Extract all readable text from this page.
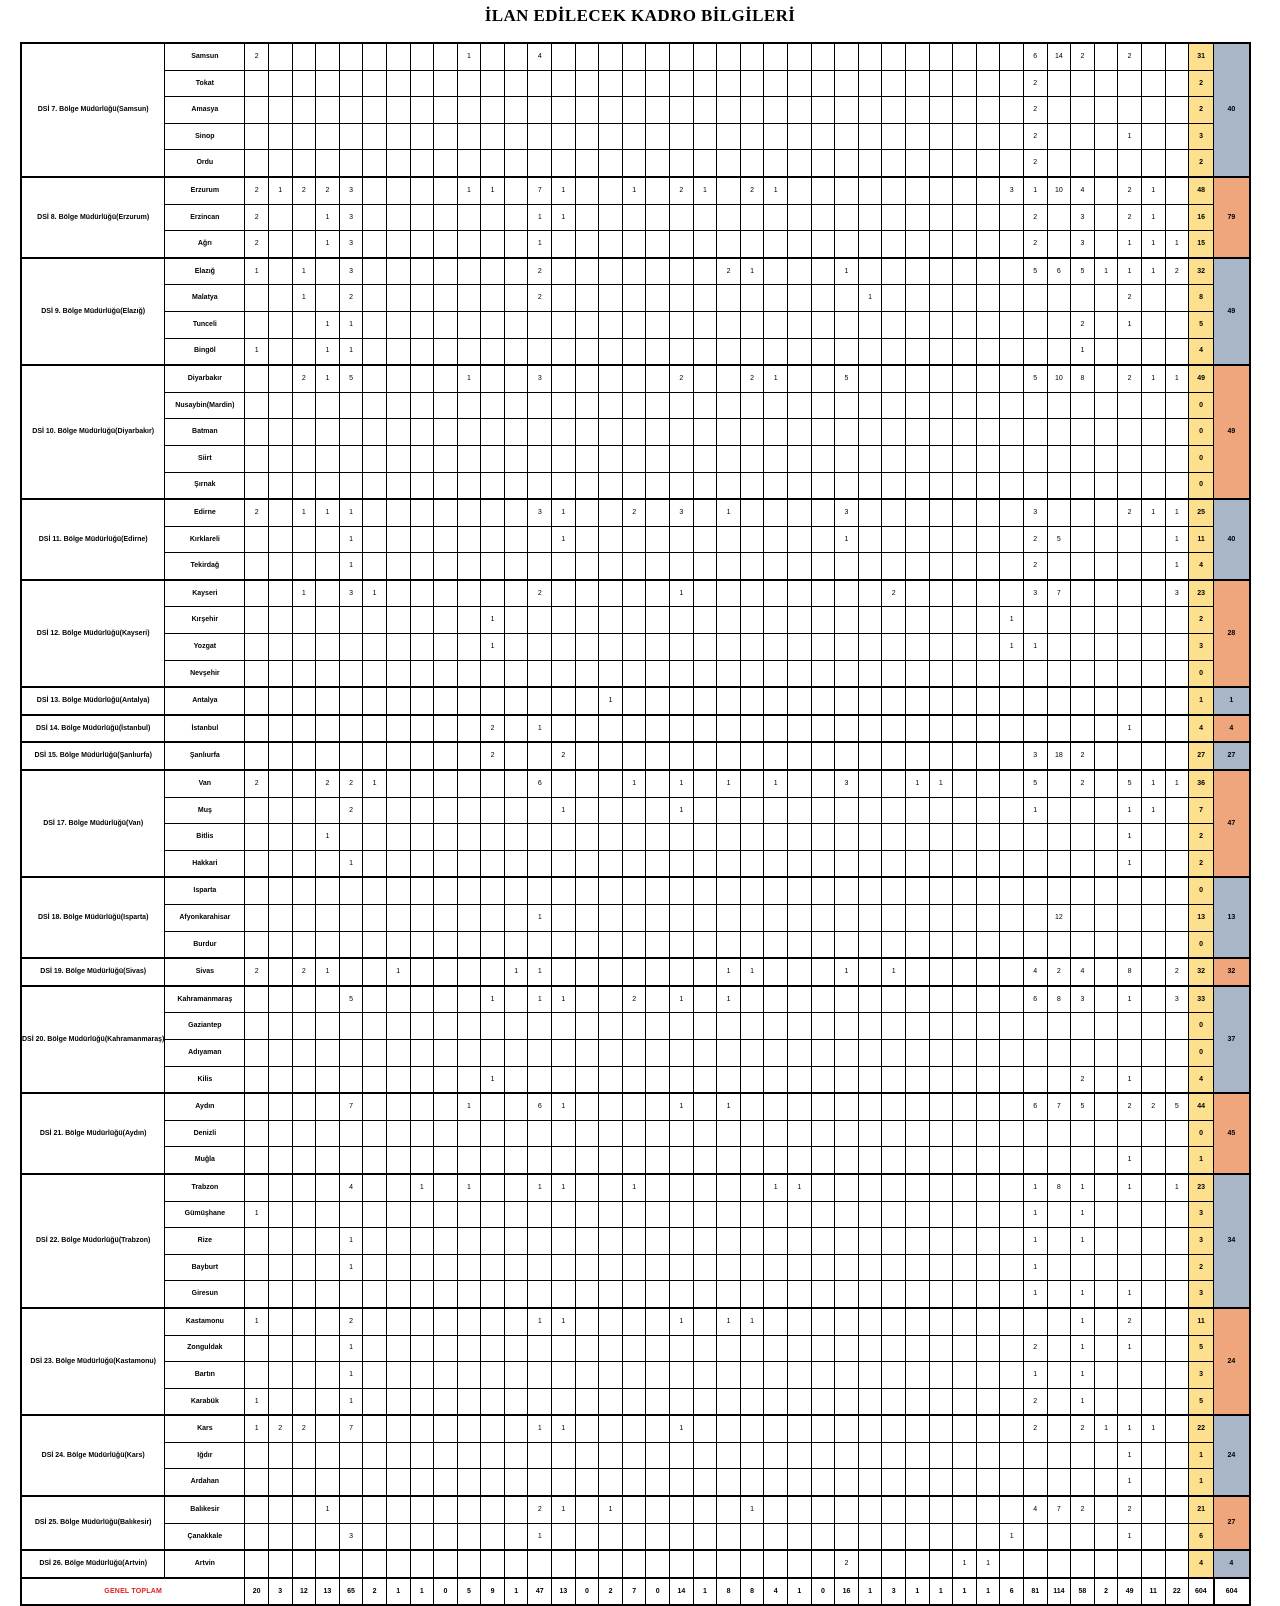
İLAN EDİLECEK KADRO BİLGİLERİ
DSİ 7. Bölge Müdürlüğü(Samsun)	Samsun	2									1			4																					6	14	2		2			31	40
	Tokat																																		2							2	
	Amasya																																		2							2	
	Sinop																																		2				1			3	
	Ordu																																		2							2	
DSİ 8. Bölge Müdürlüğü(Erzurum)	Erzurum	2	1	2	2	3					1	1		7	1			1		2	1		2	1										3	1	10	4		2	1		48	79
	Erzincan	2			1	3								1	1																				2		3		2	1		16	
	Ağrı	2			1	3								1																					2		3		1	1	1	15	
DSİ 9. Bölge Müdürlüğü(Elazığ)	Elazığ	1		1		3								2								2	1				1								5	6	5	1	1	1	2	32	49
	Malatya			1		2								2														1											2			8	
	Tunceli				1	1																															2		1			5	
	Bingöl	1			1	1																															1					4	
DSİ 10. Bölge Müdürlüğü(Diyarbakır)	Diyarbakır			2	1	5					1			3						2			2	1			5								5	10	8		2	1	1	49	49
	Nusaybin(Mardin)																																									0	
	Batman																																									0	
	Siirt																																									0	
	Şırnak																																									0	
DSİ 11. Bölge Müdürlüğü(Edirne)	Edirne	2		1	1	1								3	1			2		3		1					3								3				2	1	1	25	40
	Kırklareli					1									1												1								2	5					1	11	
	Tekirdağ					1																													2						1	4	
DSİ 12. Bölge Müdürlüğü(Kayseri)	Kayseri			1		3	1							2						1									2						3	7					3	23	28
	Kırşehir											1																						1								2	
	Yozgat											1																						1	1							3	
	Nevşehir																																									0	
DSİ 13. Bölge Müdürlüğü(Antalya)	Antalya																1																									1	1
DSİ 14. Bölge Müdürlüğü(İstanbul)	İstanbul											2		1																									1			4	4
DSİ 15. Bölge Müdürlüğü(Şanlıurfa)	Şanlıurfa											2			2																				3	18	2					27	27
DSİ 17. Bölge Müdürlüğü(Van)	Van	2			2	2	1							6				1		1		1		1			3			1	1				5		2		5	1	1	36	47
	Muş					2									1					1															1				1	1		7	
	Bitlis				1																																		1			2	
	Hakkari					1																																	1			2	
DSİ 18. Bölge Müdürlüğü(Isparta)	Isparta																																									0	13
	Afyonkarahisar													1																						12						13	
	Burdur																																									0	
DSİ 19. Bölge Müdürlüğü(Sivas)	Sivas	2		2	1			1					1	1								1	1				1		1						4	2	4		8		2	32	32
DSİ 20. Bölge Müdürlüğü(Kahramanmaraş)	Kahramanmaraş					5						1		1	1			2		1		1													6	8	3		1		3	33	37
	Gaziantep																																									0	
	Adıyaman																																									0	
	Kilis											1																									2		1			4	
DSİ 21. Bölge Müdürlüğü(Aydın)	Aydın					7					1			6	1					1		1													6	7	5		2	2	5	44	45
	Denizli																																									0	
	Muğla																																						1			1	
DSİ 22. Bölge Müdürlüğü(Trabzon)	Trabzon					4			1		1			1	1			1						1	1										1	8	1		1		1	23	34
	Gümüşhane	1																																	1		1					3	
	Rize					1																													1		1					3	
	Bayburt					1																													1							2	
	Giresun																																		1		1		1			3	
DSİ 23. Bölge Müdürlüğü(Kastamonu)	Kastamonu	1				2								1	1					1		1	1														1		2			11	24
	Zonguldak					1																													2		1		1			5	
	Bartın					1																													1		1					3	
	Karabük	1				1																													2		1					5	
DSİ 24. Bölge Müdürlüğü(Kars)	Kars	1	2	2		7								1	1					1															2		2	1	1	1		22	24
	Iğdır																																						1			1	
	Ardahan																																						1			1	
DSİ 25. Bölge Müdürlüğü(Balıkesir)	Balıkesir				1									2	1		1						1												4	7	2		2			21	27
	Çanakkale					3								1																				1					1			6	
DSİ 26. Bölge Müdürlüğü(Artvin)	Artvin																										2					1	1									4	4
GENEL TOPLAM		20	3	12	13	65	2	1	1	0	5	9	1	47	13	0	2	7	0	14	1	8	8	4	1	0	16	1	3	1	1	1	1	6	81	114	58	2	49	11	22	604	604
